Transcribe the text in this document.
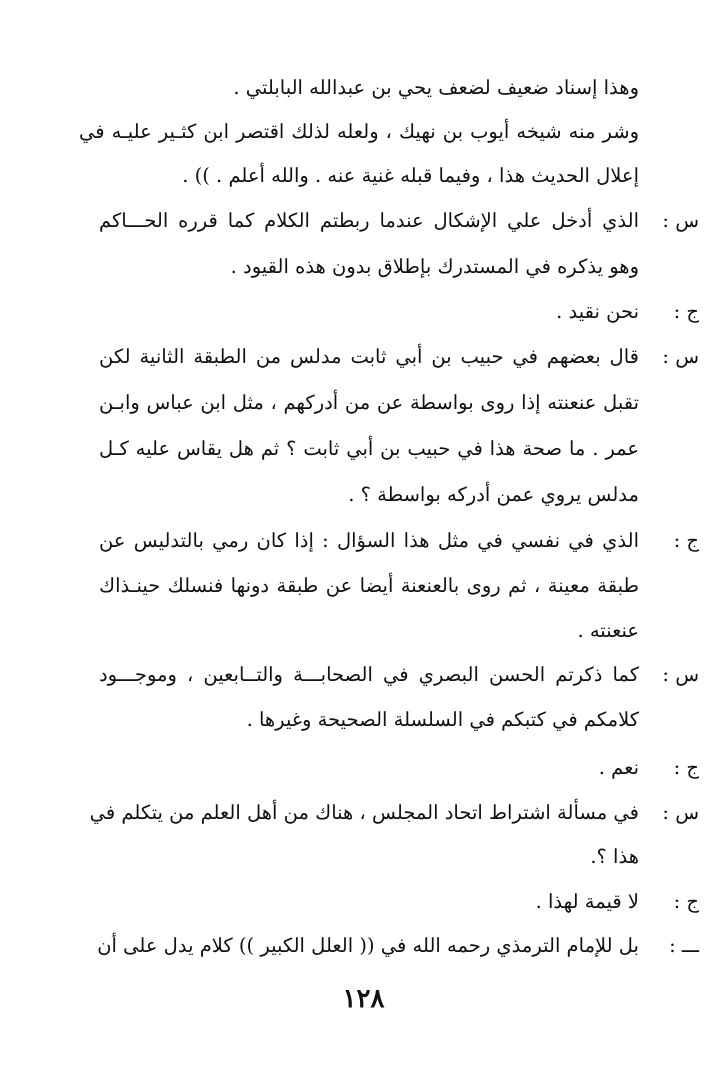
وهذا إسناد ضعيف لضعف يحي بن عبدالله البابلتي .
وشر منه شيخه أيوب بن نهيك ، ولعله لذلك اقتصر ابن كثـير عليـه في
إعلال الحديث هذا ، وفيما قبله غنية عنه . والله أعلم . )) .
س :
الذي أدخل علي الإشكال عندما ربطتم الكلام كما قرره الحـــاكم
وهو يذكره في المستدرك بإطلاق بدون هذه القيود .
ج :
نحن نقيد .
س :
قال بعضهم في حبيب بن أبي ثابت مدلس من الطبقة الثانية لكن
تقبل عنعنته إذا روى بواسطة عن من أدركهم ، مثل ابن عباس وابـن
عمر . ما صحة هذا في حبيب بن أبي ثابت ؟ ثم هل يقاس عليه كـل
مدلس يروي عمن أدركه بواسطة ؟ .
ج :
الذي في نفسي في مثل هذا السؤال : إذا كان رمي بالتدليس عن
طبقة معينة ، ثم روى بالعنعنة أيضا عن طبقة دونها فنسلك حينـذاك
عنعنته .
س :
كما ذكرتم الحسن البصري في الصحابـــة والتــابعين ، وموجـــود
كلامكم في كتبكم في السلسلة الصحيحة وغيرها .
ج :
نعم .
س :
في مسألة اشتراط اتحاد المجلس ، هناك من أهل العلم من يتكلم في
هذا ؟.
ج :
لا قيمة لهذا .
ـــ :
بل للإمام الترمذي رحمه الله في (( العلل الكبير )) كلام يدل على أن
١٢٨
